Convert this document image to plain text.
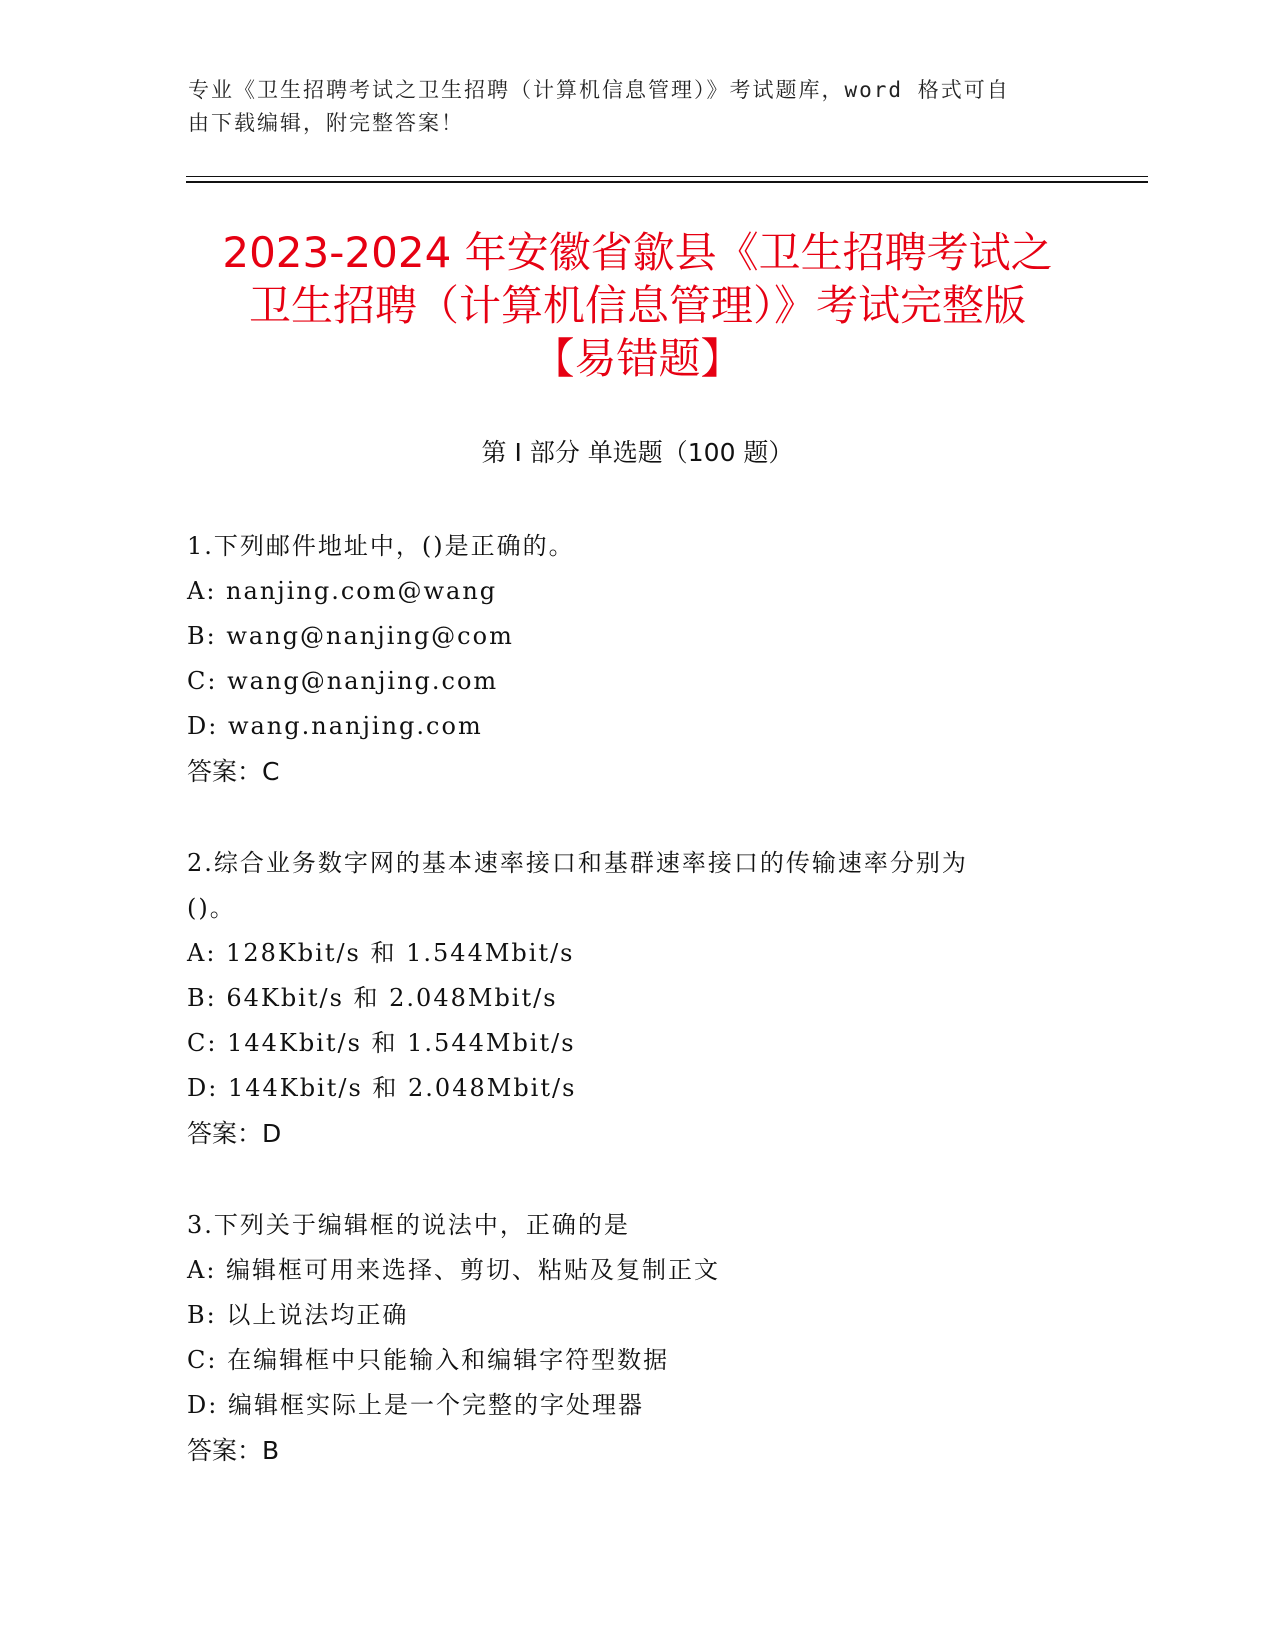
专业《卫生招聘考试之卫生招聘（计算机信息管理）》考试题库，word 格式可自
由下载编辑，附完整答案！
2023-2024 年安徽省歙县《卫生招聘考试之
卫生招聘（计算机信息管理）》考试完整版
【易错题】
第 I 部分 单选题（100 题）

1.下列邮件地址中，()是正确的。

A: nanjing.com@wang

B: wang@nanjing@com

C: wang@nanjing.com

D: wang.nanjing.com

答案：C

2.综合业务数字网的基本速率接口和基群速率接口的传输速率分别为

()。

A: 128Kbit/s 和 1.544Mbit/s

B: 64Kbit/s 和 2.048Mbit/s

C: 144Kbit/s 和 1.544Mbit/s

D: 144Kbit/s 和 2.048Mbit/s

答案：D

3.下列关于编辑框的说法中，正确的是

A: 编辑框可用来选择、剪切、粘贴及复制正文

B: 以上说法均正确

C: 在编辑框中只能输入和编辑字符型数据

D: 编辑框实际上是一个完整的字处理器

答案：B
